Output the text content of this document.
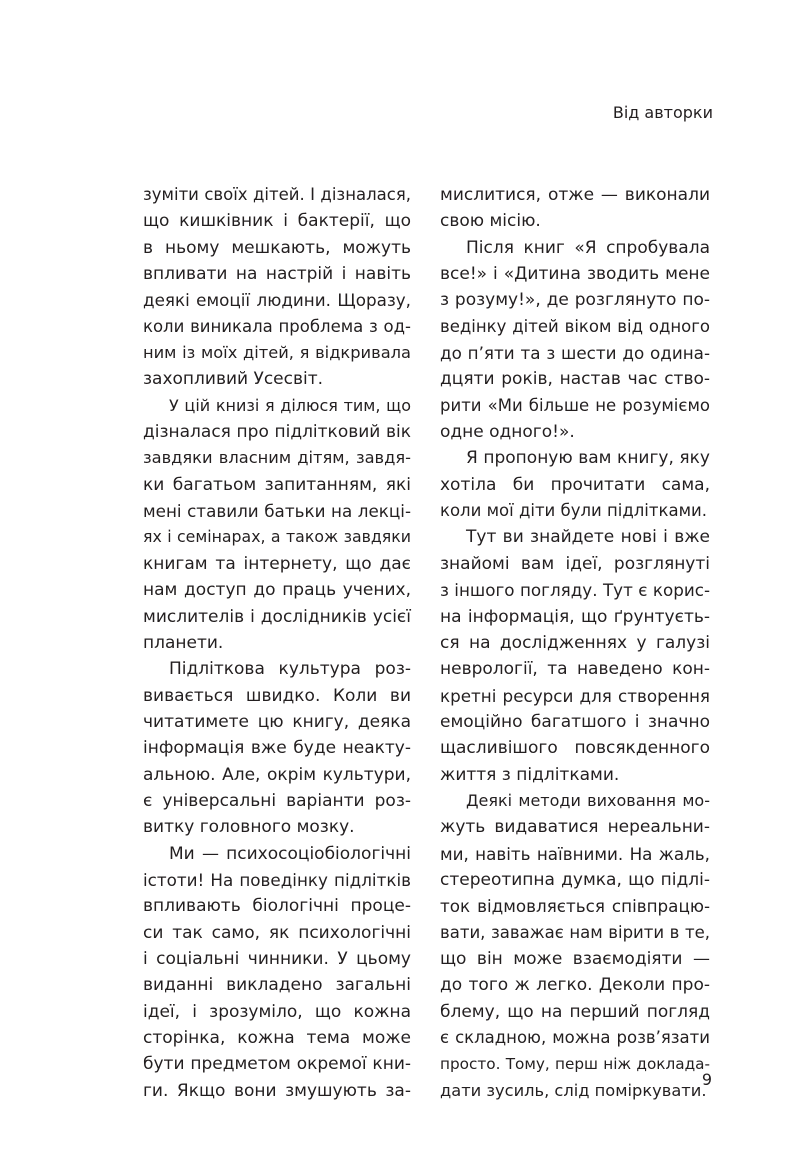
Від авторки
зуміти своїх дітей. І дізналася,
що кишківник і бактерії, що
в ньому мешкають, можуть
впливати на настрій і навіть
деякі емоції людини. Щоразу,
коли виникала проблема з од-
ним із моїх дітей, я відкривала
захопливий Усесвіт.
У цій книзі я ділюся тим, що
дізналася про підлітковий вік
завдяки власним дітям, завдя-
ки багатьом запитанням, які
мені ставили батьки на лекці-
ях і семінарах, а також завдяки
книгам та інтернету, що дає
нам доступ до праць учених,
мислителів і дослідників усієї
планети.
Підліткова культура роз-
вивається швидко. Коли ви
читатимете цю книгу, деяка
інформація вже буде неакту-
альною. Але, окрім культури,
є універсальні варіанти роз-
витку головного мозку.
Ми — психосоціобіологічні
істоти! На поведінку підлітків
впливають біологічні проце-
си так само, як психологічні
і соціальні чинники. У цьому
виданні викладено загальні
ідеї, і зрозуміло, що кожна
сторінка, кожна тема може
бути предметом окремої кни-
ги. Якщо вони змушують за-
мислитися, отже — виконали
свою місію.
Після книг «Я спробувала
все!» і «Дитина зводить мене
з розуму!», де розглянуто по-
ведінку дітей віком від одного
до п’яти та з шести до одина-
дцяти років, настав час ство-
рити «Ми більше не розуміємо
одне одного!».
Я пропоную вам книгу, яку
хотіла би прочитати сама,
коли мої діти були підлітками.
Тут ви знайдете нові і вже
знайомі вам ідеї, розглянуті
з іншого погляду. Тут є корис-
на інформація, що ґрунтуєть-
ся на дослідженнях у галузі
неврології, та наведено кон-
кретні ресурси для створення
емоційно багатшого і значно
щасливішого повсякденного
життя з підлітками.
Деякі методи виховання мо-
жуть видаватися нереальни-
ми, навіть наївними. На жаль,
стереотипна думка, що підлі-
ток відмовляється співпрацю-
вати, заважає нам вірити в те,
що він може взаємодіяти —
до того ж легко. Деколи про-
блему, що на перший погляд
є складною, можна розв’язати
просто. Тому, перш ніж доклада-
дати зусиль, слід поміркувати.
9
